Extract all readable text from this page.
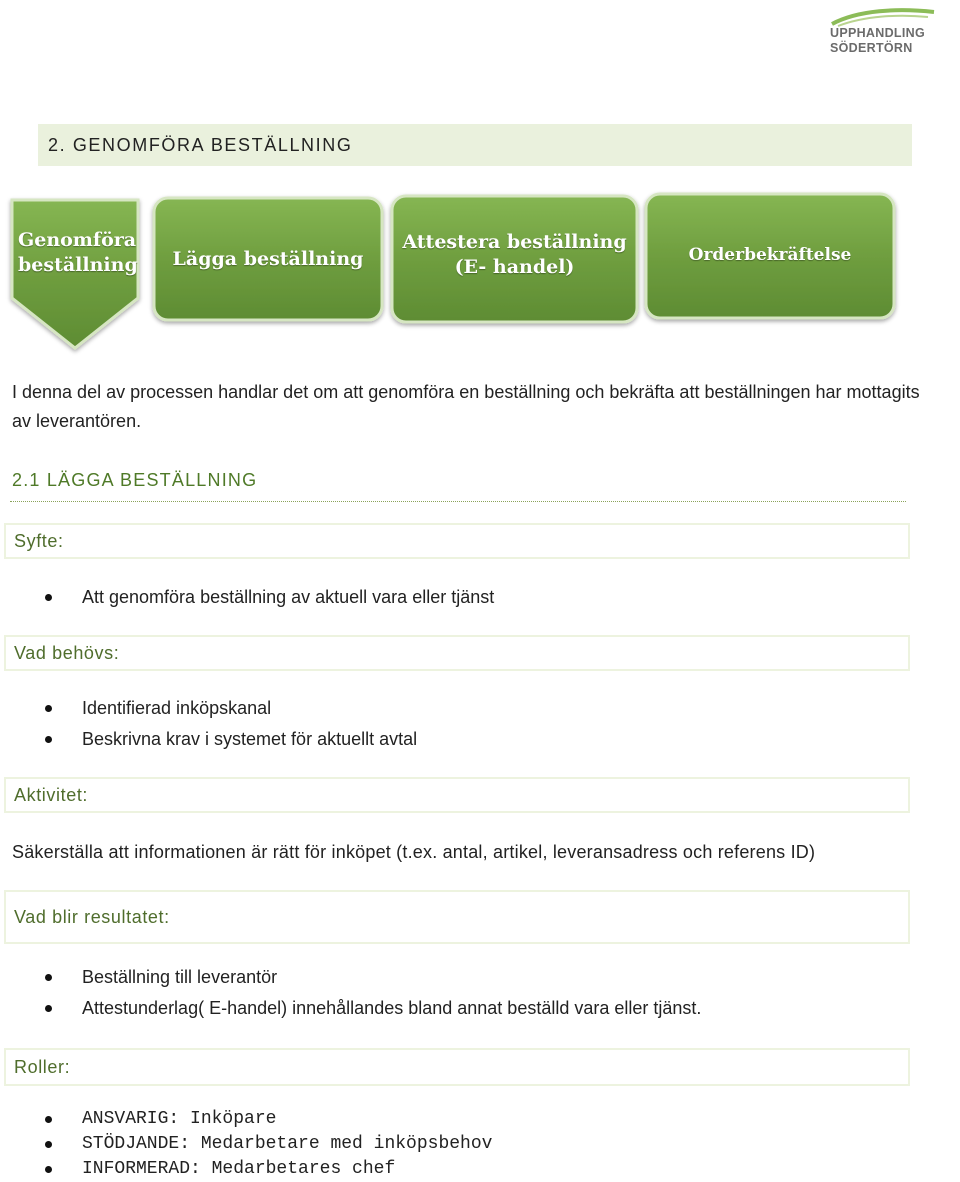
UPPHANDLING
SÖDERTÖRN
2. GENOMFÖRA BESTÄLLNING
Genomföra
beställning	Lägga beställning
Attestera beställning
(E- handel)
Orderbekräftelse
I denna del av processen handlar det om att genomföra en beställning och bekräfta att beställningen har mottagits av leverantören.
2.1 LÄGGA BESTÄLLNING
Syfte:
Att genomföra beställning av aktuell vara eller tjänst
Vad behövs:
Identifierad inköpskanal
Beskrivna krav i systemet för aktuellt avtal
Aktivitet:
Säkerställa att informationen är rätt för inköpet (t.ex. antal, artikel, leveransadress och referens ID)
Vad blir resultatet:
Beställning till leverantör
Attestunderlag( E-handel) innehållandes bland annat beställd vara eller tjänst.
Roller:
ANSVARIG: Inköpare
STÖDJANDE: Medarbetare med inköpsbehov
INFORMERAD: Medarbetares chef
